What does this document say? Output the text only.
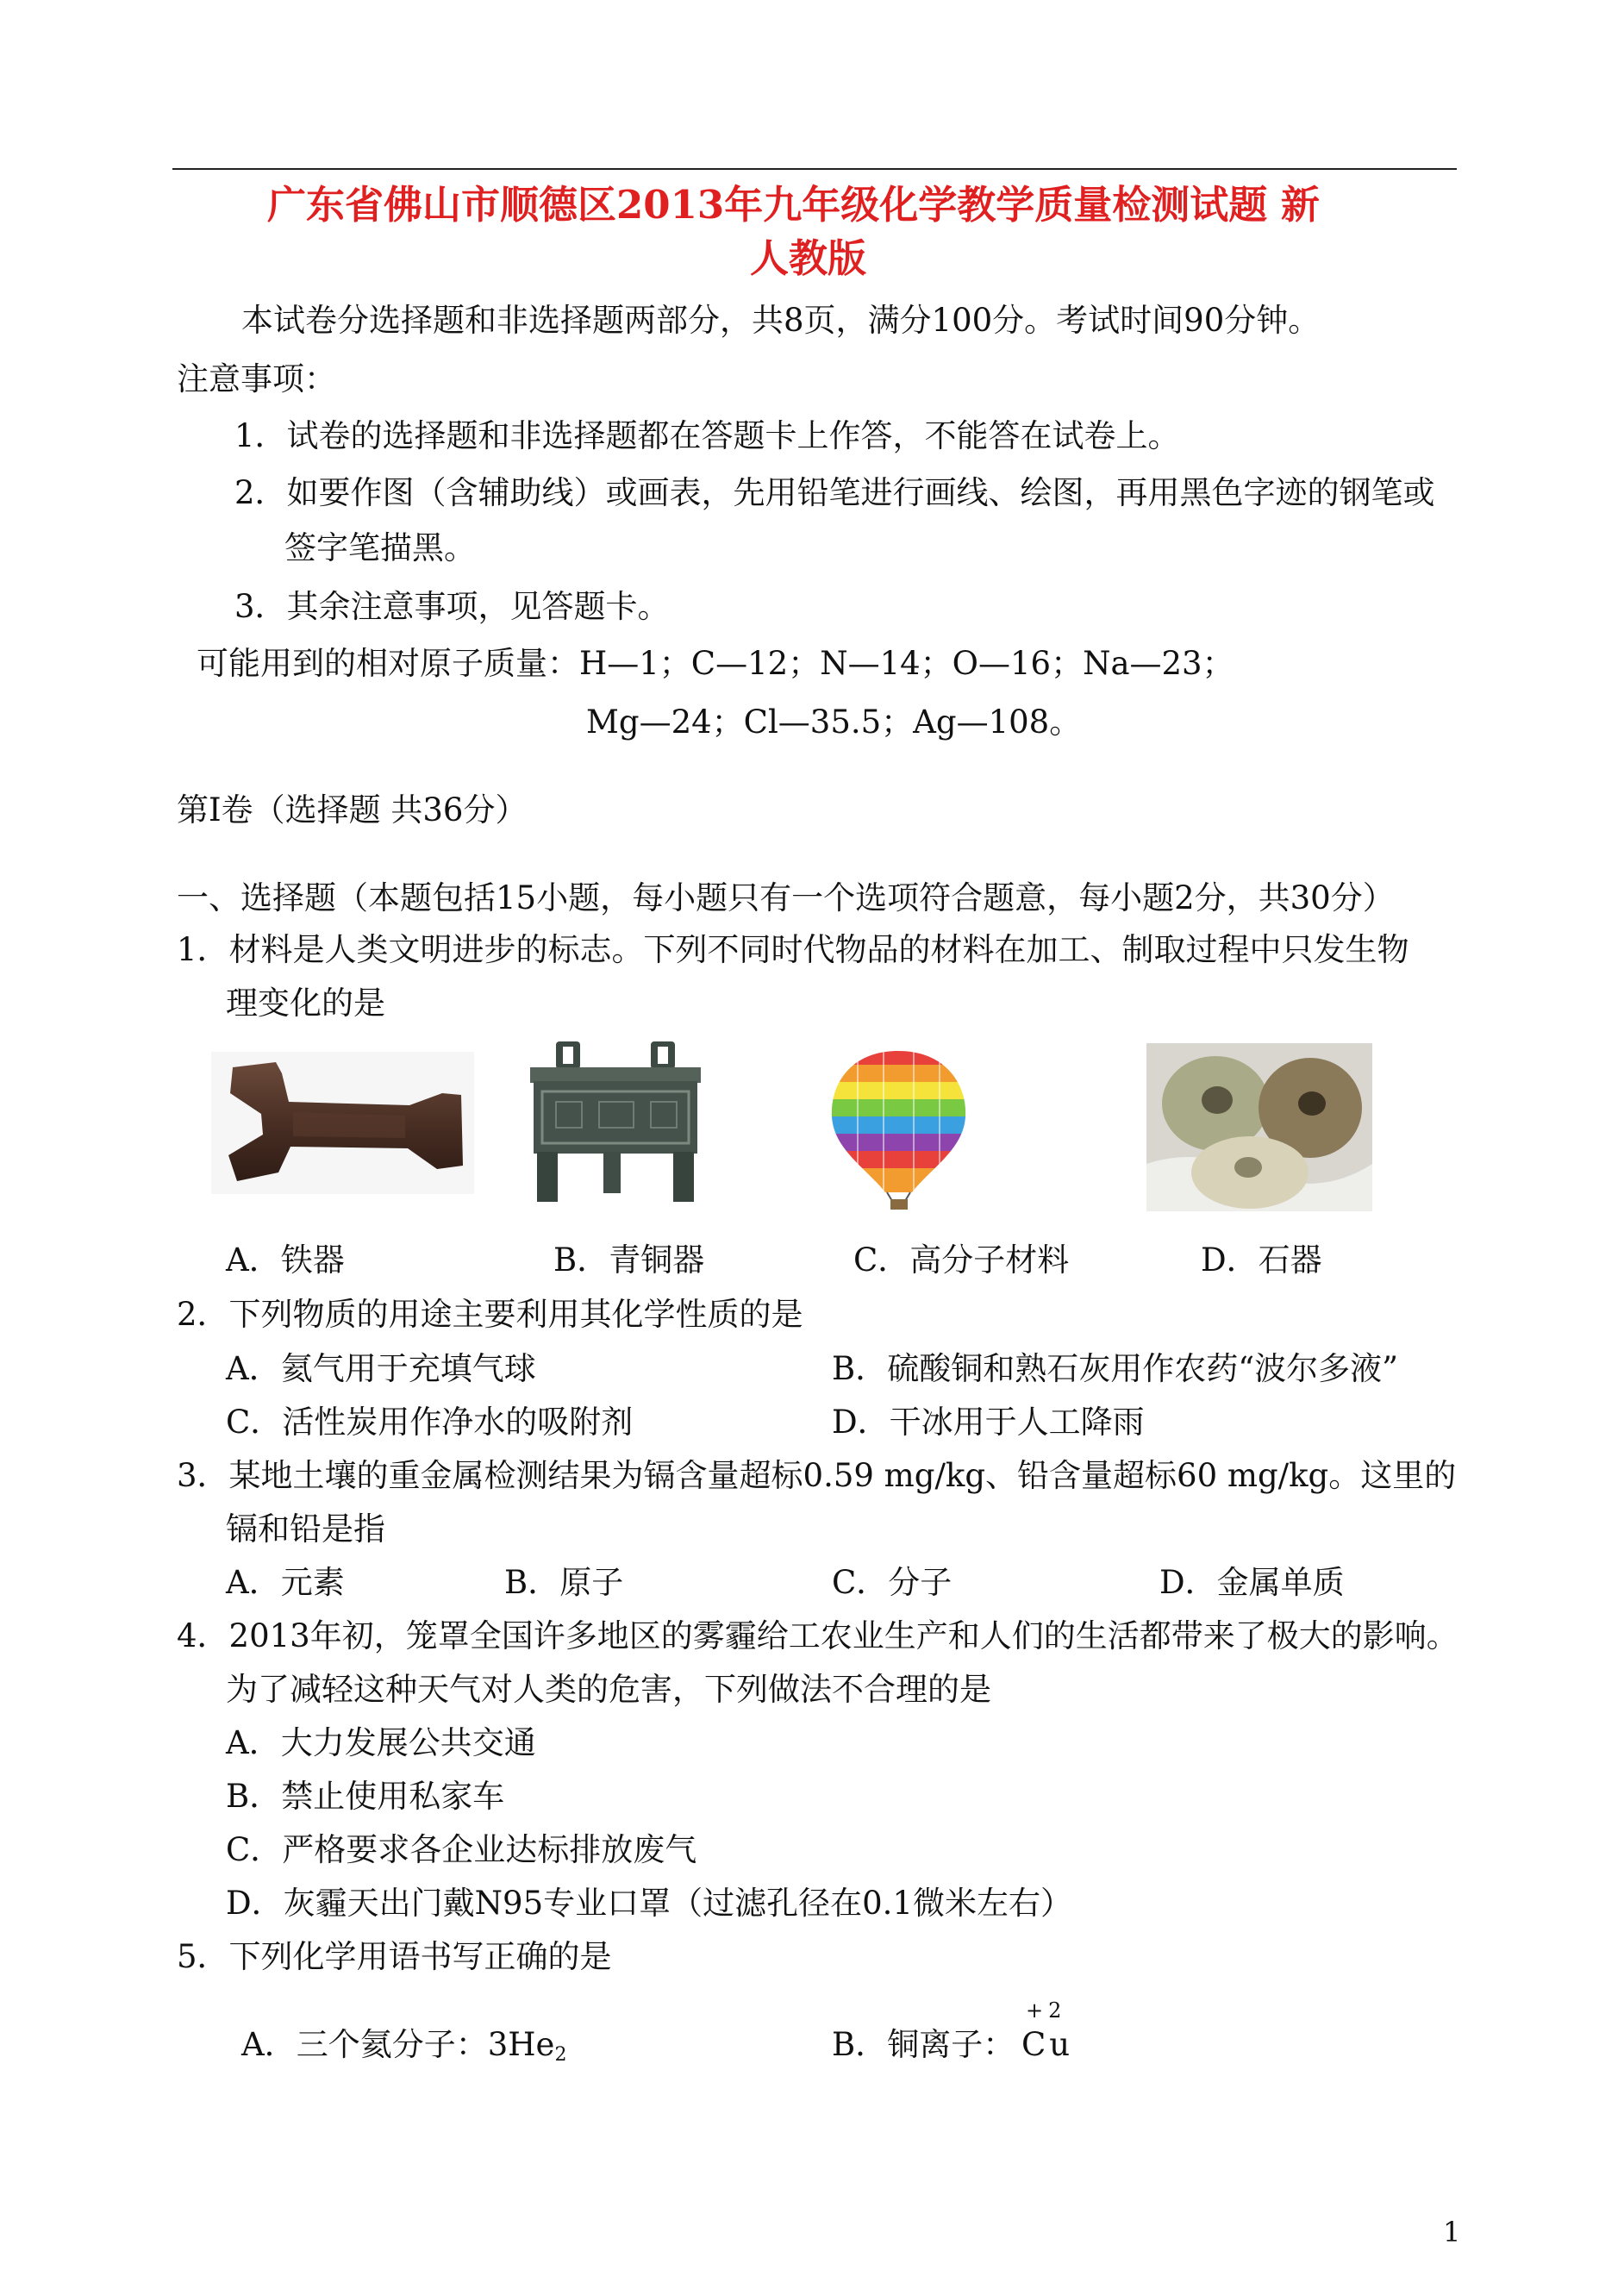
广东省佛山市顺德区2013年九年级化学教学质量检测试题 新
人教版
本试卷分选择题和非选择题两部分，共8页，满分100分。考试时间90分钟。
注意事项：
1．试卷的选择题和非选择题都在答题卡上作答，不能答在试卷上。
2．如要作图（含辅助线）或画表，先用铅笔进行画线、绘图，再用黑色字迹的钢笔或
签字笔描黑。
3．其余注意事项，见答题卡。
可能用到的相对原子质量：H—1；C—12；N—14；O—16；Na—23；
Mg—24；Cl—35.5；Ag—108。
第Ⅰ卷（选择题 共36分）
一、选择题（本题包括15小题，每小题只有一个选项符合题意，每小题2分，共30分）
1．材料是人类文明进步的标志。下列不同时代物品的材料在加工、制取过程中只发生物
理变化的是
A．铁器	B．青铜器	C．高分子材料	D．石器
2．下列物质的用途主要利用其化学性质的是
A．氦气用于充填气球	B．硫酸铜和熟石灰用作农药“波尔多液”
C．活性炭用作净水的吸附剂	D．干冰用于人工降雨
3．某地土壤的重金属检测结果为镉含量超标0.59 mg/kg、铅含量超标60 mg/kg。这里的
镉和铅是指
A．元素	B．原子	C．分子	D．金属单质
4．2013年初，笼罩全国许多地区的雾霾给工农业生产和人们的生活都带来了极大的影响。
为了减轻这种天气对人类的危害，下列做法不合理的是
A．大力发展公共交通
B．禁止使用私家车
C．严格要求各企业达标排放废气
D．灰霾天出门戴N95专业口罩（过滤孔径在0.1微米左右）
5．下列化学用语书写正确的是
A．三个氦分子：$3He_2$	B．铜离子：
+2
Cu
1
